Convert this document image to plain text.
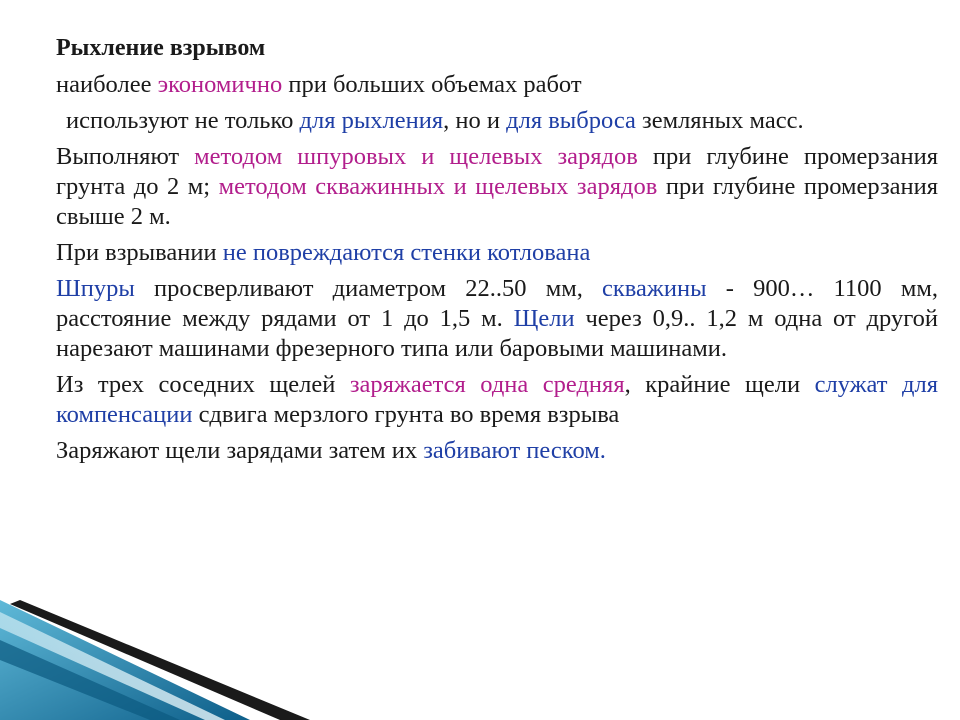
Рыхление взрывом
наиболее экономично при больших объемах работ
используют не только для рыхления, но и для выброса земляных масс.
Выполняют методом шпуровых и щелевых зарядов при глубине промерзания грунта до 2 м; методом скважинных и щелевых зарядов при глубине промерзания свыше 2 м.
При взрывании не повреждаются стенки котлована
Шпуры просверливают диаметром 22..50 мм, скважины - 900… 1100 мм, расстояние между рядами от 1 до 1,5 м. Щели через 0,9.. 1,2 м одна от другой нарезают машинами фрезерного типа или баровыми машинами.
Из трех соседних щелей заряжается одна средняя, крайние щели служат для компенсации сдвига мерзлого грунта во время взрыва
Заряжают щели зарядами затем их забивают песком.
